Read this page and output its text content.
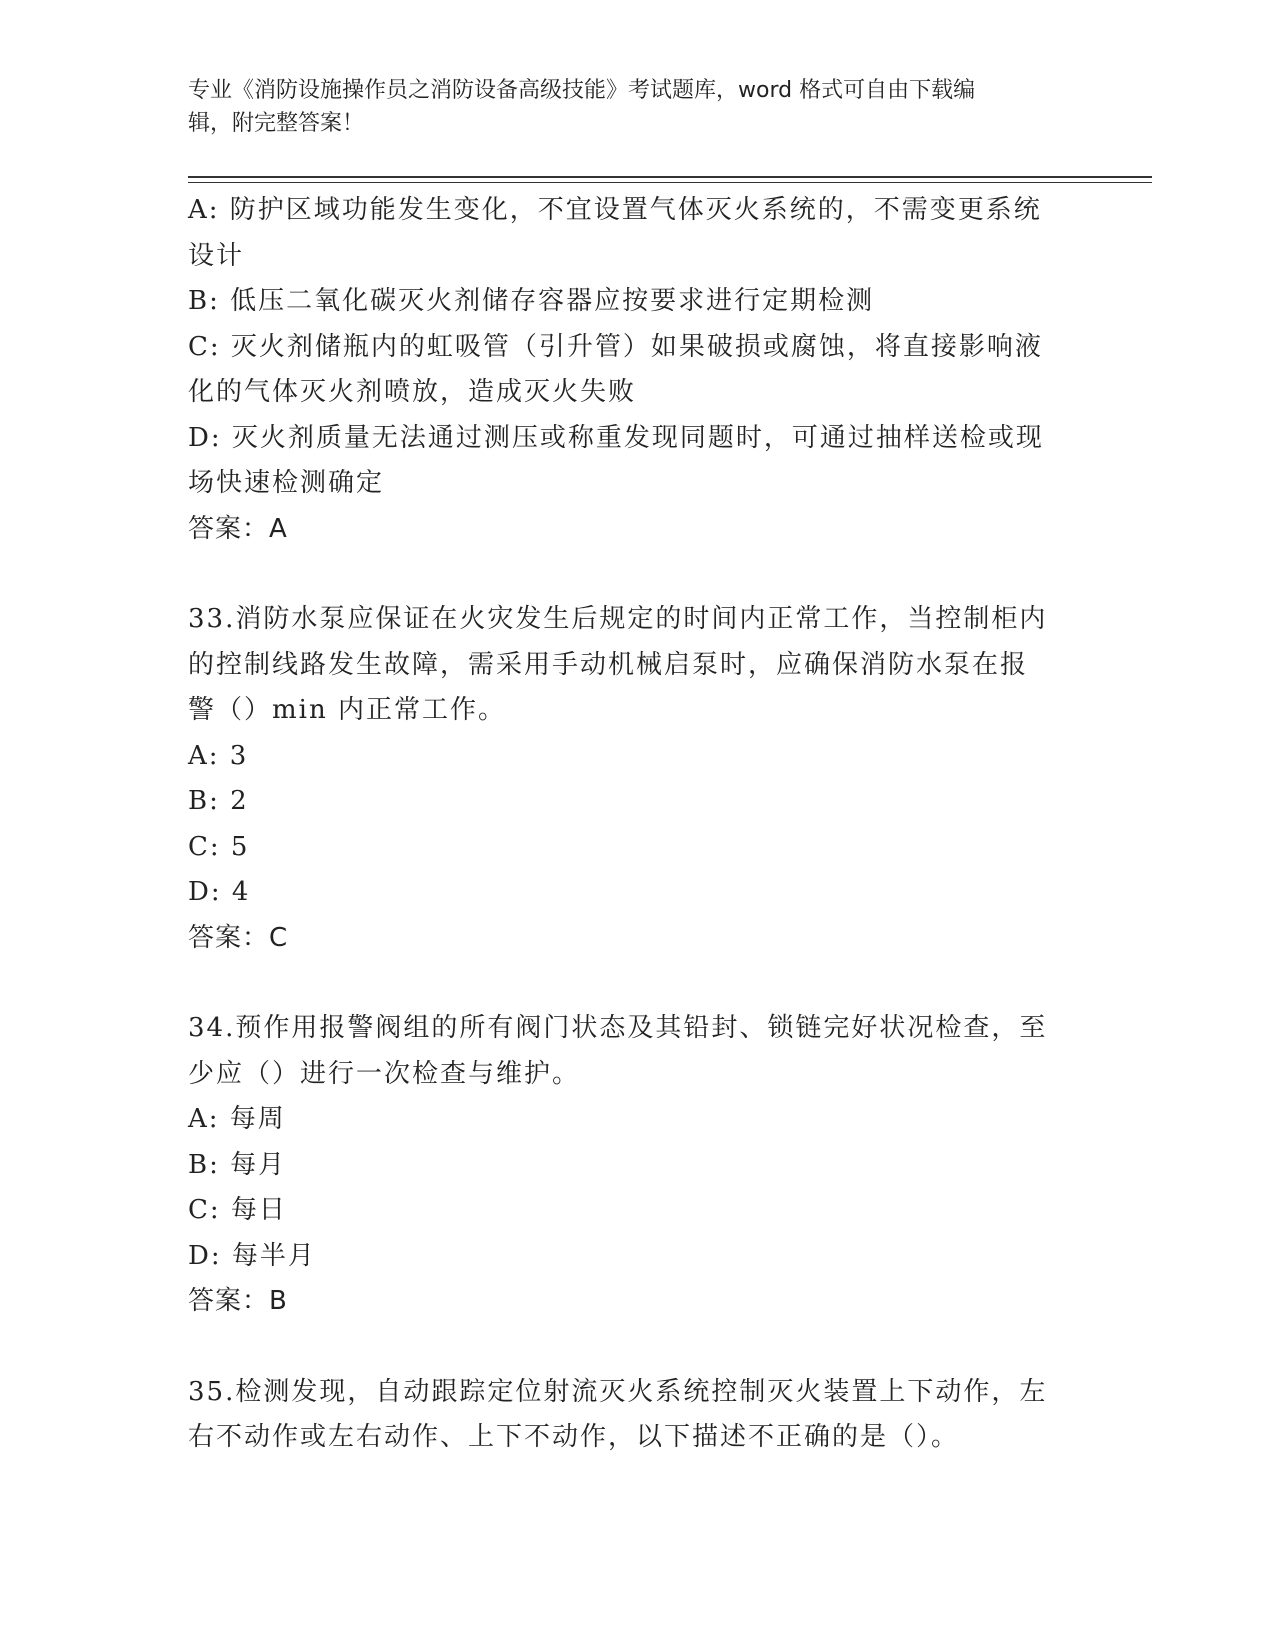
专业《消防设施操作员之消防设备高级技能》考试题库，word 格式可自由下载编
辑，附完整答案！

A: 防护区域功能发生变化，不宜设置气体灭火系统的，不需变更系统

设计

B: 低压二氧化碳灭火剂储存容器应按要求进行定期检测

C: 灭火剂储瓶内的虹吸管（引升管）如果破损或腐蚀，将直接影响液

化的气体灭火剂喷放，造成灭火失败

D: 灭火剂质量无法通过测压或称重发现同题时，可通过抽样送检或现

场快速检测确定

答案：A

33.消防水泵应保证在火灾发生后规定的时间内正常工作，当控制柜内

的控制线路发生故障，需采用手动机械启泵时，应确保消防水泵在报

警（）min 内正常工作。

A: 3

B: 2

C: 5

D: 4

答案：C

34.预作用报警阀组的所有阀门状态及其铅封、锁链完好状况检查，至

少应（）进行一次检查与维护。

A: 每周

B: 每月

C: 每日

D: 每半月

答案：B

35.检测发现，自动跟踪定位射流灭火系统控制灭火装置上下动作，左

右不动作或左右动作、上下不动作，以下描述不正确的是（）。
